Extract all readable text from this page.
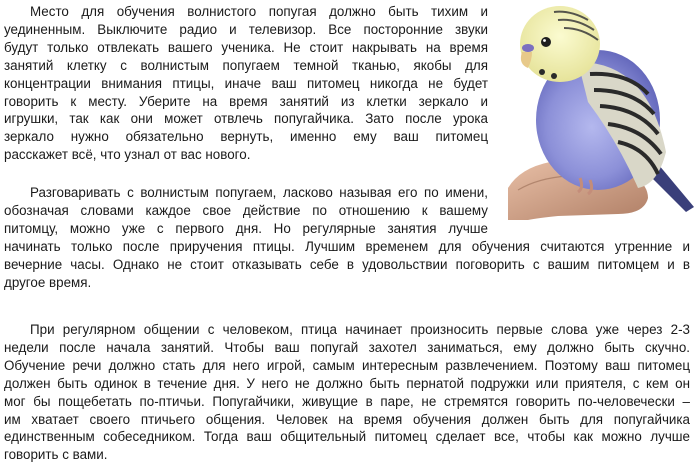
Место для обучения волнистого попугая должно быть тихим и
уединенным. Выключите радио и телевизор. Все посторонние звуки
будут только отвлекать вашего ученика. Не стоит накрывать на время
занятий клетку с волнистым попугаем темной тканью, якобы для
концентрации внимания птицы, иначе ваш питомец никогда не будет
говорить к месту. Уберите на время занятий из клетки зеркало и
игрушки, так как они может отвлечь попугайчика. Зато после урока
зеркало нужно обязательно вернуть, именно ему ваш питомец
расскажет всё, что узнал от вас нового.

Разговаривать с волнистым попугаем, ласково называя его по имени,
обозначая словами каждое свое действие по отношению к вашему
питомцу, можно уже с первого дня. Но регулярные занятия лучше
начинать только после приручения птицы. Лучшим временем для обучения считаются утренние и
вечерние часы. Однако не стоит отказывать себе в удовольствии поговорить с вашим питомцем и в
другое время.

При регулярном общении с человеком, птица начинает произносить первые слова уже через 2-3
недели после начала занятий. Чтобы ваш попугай захотел заниматься, ему должно быть скучно.
Обучение речи должно стать для него игрой, самым интересным развлечением. Поэтому ваш питомец
должен быть одинок в течение дня. У него не должно быть пернатой подружки или приятеля, с кем он
мог бы пощебетать по-птичьи. Попугайчики, живущие в паре, не стремятся говорить по-человечески –
им хватает своего птичьего общения. Человек на время обучения должен быть для попугайчика
единственным собеседником. Тогда ваш общительный питомец сделает все, чтобы как можно лучше
говорить с вами.
